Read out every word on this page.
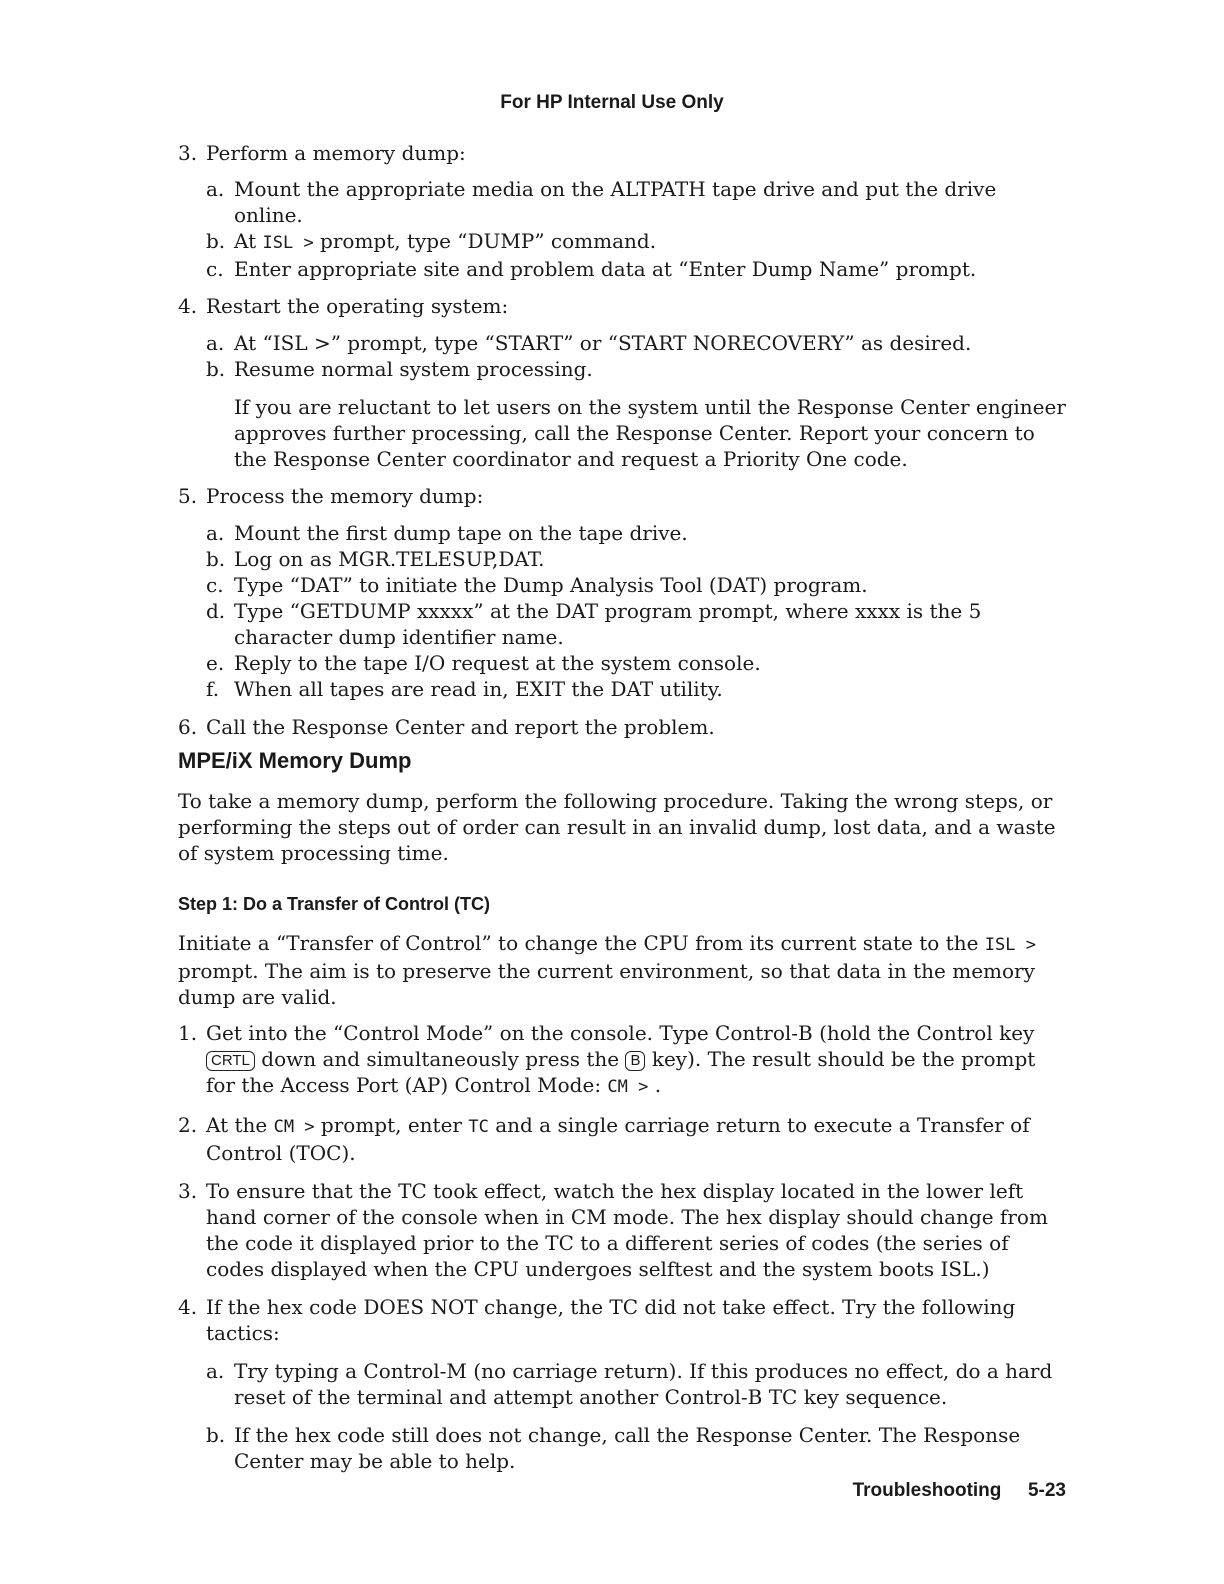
For HP Internal Use Only
3. Perform a memory dump:
a. Mount the appropriate media on the ALTPATH tape drive and put the drive online.
b. At ISL > prompt, type “DUMP” command.
c. Enter appropriate site and problem data at “Enter Dump Name” prompt.
4. Restart the operating system:
a. At “ISL >” prompt, type “START” or “START NORECOVERY” as desired.
b. Resume normal system processing.
If you are reluctant to let users on the system until the Response Center engineer approves further processing, call the Response Center. Report your concern to the Response Center coordinator and request a Priority One code.
5. Process the memory dump:
a. Mount the first dump tape on the tape drive.
b. Log on as MGR.TELESUP,DAT.
c. Type “DAT” to initiate the Dump Analysis Tool (DAT) program.
d. Type “GETDUMP xxxxx” at the DAT program prompt, where xxxx is the 5 character dump identifier name.
e. Reply to the tape I/O request at the system console.
f. When all tapes are read in, EXIT the DAT utility.
6. Call the Response Center and report the problem.
MPE/iX Memory Dump
To take a memory dump, perform the following procedure. Taking the wrong steps, or performing the steps out of order can result in an invalid dump, lost data, and a waste of system processing time.
Step 1: Do a Transfer of Control (TC)
Initiate a “Transfer of Control” to change the CPU from its current state to the ISL > prompt. The aim is to preserve the current environment, so that data in the memory dump are valid.
1. Get into the “Control Mode” on the console. Type Control-B (hold the Control key CRTL down and simultaneously press the B key). The result should be the prompt for the Access Port (AP) Control Mode: CM > .
2. At the CM > prompt, enter TC and a single carriage return to execute a Transfer of Control (TOC).
3. To ensure that the TC took effect, watch the hex display located in the lower left hand corner of the console when in CM mode. The hex display should change from the code it displayed prior to the TC to a different series of codes (the series of codes displayed when the CPU undergoes selftest and the system boots ISL.)
4. If the hex code DOES NOT change, the TC did not take effect. Try the following tactics:
a. Try typing a Control-M (no carriage return). If this produces no effect, do a hard reset of the terminal and attempt another Control-B TC key sequence.
b. If the hex code still does not change, call the Response Center. The Response Center may be able to help.
Troubleshooting 5-23
